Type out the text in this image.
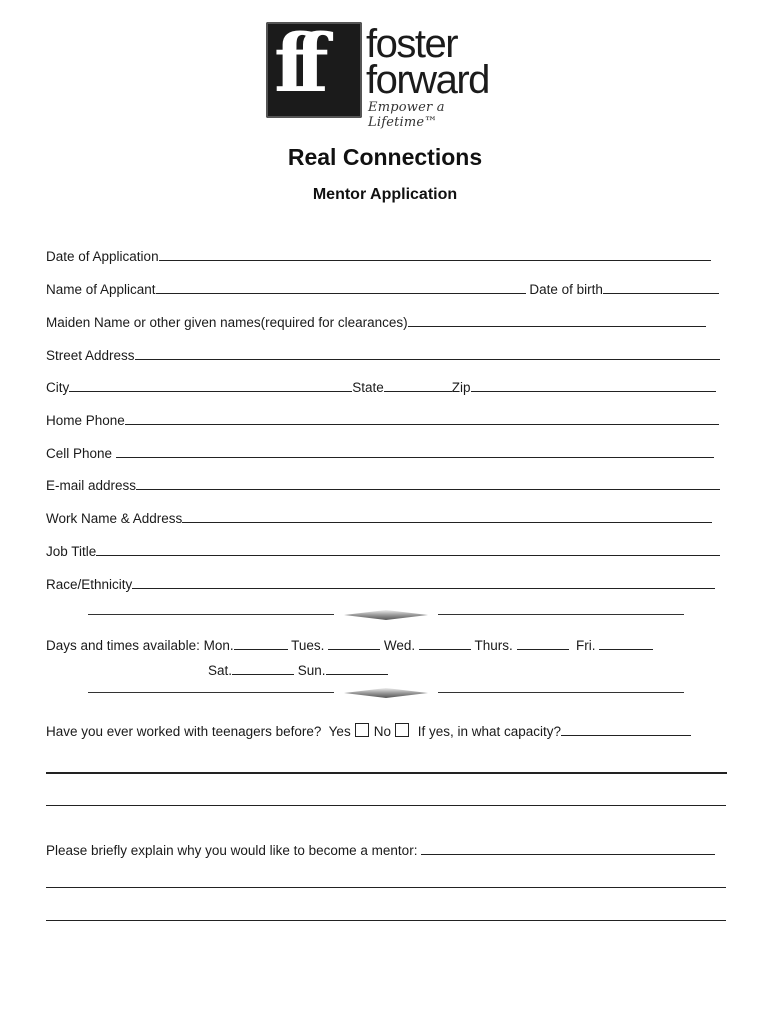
ff foster
forward
Empower a Lifetime™
Real Connections
Mentor Application
Date of Application
Name of Applicant	Date of birth
Maiden Name or other given names(required for clearances)
Street Address
City	State	Zip
Home Phone
Cell Phone
E-mail address
Work Name & Address
Job Title
Race/Ethnicity
Days and times available: Mon.	Tues.	Wed.	Thurs.	Fri.
Sat.	Sun.
Have you ever worked with teenagers before? Yes No If yes, in what capacity?
Please briefly explain why you would like to become a mentor:
